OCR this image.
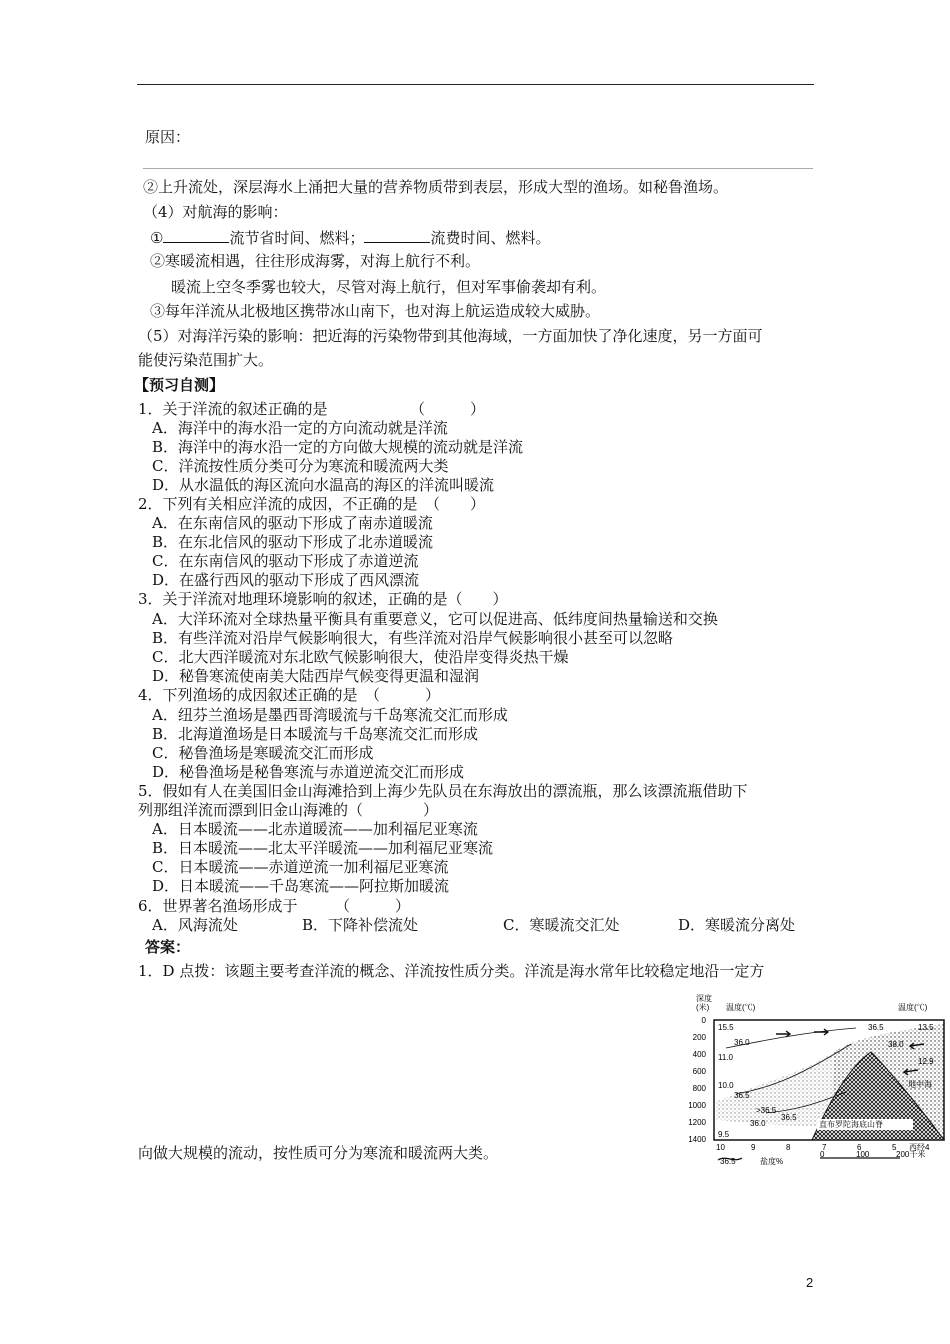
原因：
②上升流处，深层海水上涌把大量的营养物质带到表层，形成大型的渔场。如秘鲁渔场。
（4）对航海的影响：
①	流节省时间、燃料；	流费时间、燃料。
②寒暖流相遇，往往形成海雾，对海上航行不利。
暖流上空冬季雾也较大，尽管对海上航行，但对军事偷袭却有利。
③每年洋流从北极地区携带冰山南下，也对海上航运造成较大威胁。
（5）对海洋污染的影响：把近海的污染物带到其他海域，一方面加快了净化速度，另一方面可
能使污染范围扩大。
【预习自测】
1．关于洋流的叙述正确的是　　　　　　（　　　）
A．海洋中的海水沿一定的方向流动就是洋流
B．海洋中的海水沿一定的方向做大规模的流动就是洋流
C．洋流按性质分类可分为寒流和暖流两大类
D．从水温低的海区流向水温高的海区的洋流叫暖流
2．下列有关相应洋流的成因，不正确的是　（　　）
A．在东南信风的驱动下形成了南赤道暖流
B．在东北信风的驱动下形成了北赤道暖流
C．在东南信风的驱动下形成了赤道逆流
D．在盛行西风的驱动下形成了西风漂流
3．关于洋流对地理环境影响的叙述，正确的是（　　）
A．大洋环流对全球热量平衡具有重要意义，它可以促进高、低纬度间热量输送和交换
B．有些洋流对沿岸气候影响很大，有些洋流对沿岸气候影响很小甚至可以忽略
C．北大西洋暖流对东北欧气候影响很大，使沿岸变得炎热干燥
D．秘鲁寒流使南美大陆西岸气候变得更温和湿润
4．下列渔场的成因叙述正确的是　（　　　）
A．纽芬兰渔场是墨西哥湾暖流与千岛寒流交汇而形成
B．北海道渔场是日本暖流与千岛寒流交汇而形成
C．秘鲁渔场是寒暖流交汇而形成
D．秘鲁渔场是秘鲁寒流与赤道逆流交汇而形成
5．假如有人在美国旧金山海滩拾到上海少先队员在东海放出的漂流瓶，那么该漂流瓶借助下
列那组洋流而漂到旧金山海滩的（　　　　）
A．日本暖流——北赤道暖流——加利福尼亚寒流
B．日本暖流——北太平洋暖流——加利福尼亚寒流
C．日本暖流——赤道逆流一加利福尼亚寒流
D．日本暖流——千岛寒流——阿拉斯加暖流
6．世界著名渔场形成于　　　（　　　）
A．风海流处	B．下降补偿流处	C．寒暖流交汇处	D．寒暖流分离处
答案：
1．D 点拨：该题主要考查洋流的概念、洋流按性质分类。洋流是海水常年比较稳定地沿一定方
向做大规模的流动，按性质可分为寒流和暖流两大类。
深度
(米) 温度(℃)	温度(℃)
直布罗陀海底山脊
地中海
0
200
400
600
800
1000
1200
1400
10	9	8	7	6	5 西经4
15.5
11.0
10.0
9.5
36.0
36.5
>36.5
36.5
36.0
36.5	13.5
38.0
12.9
36.5	盐度%
0	100	200千米
2
